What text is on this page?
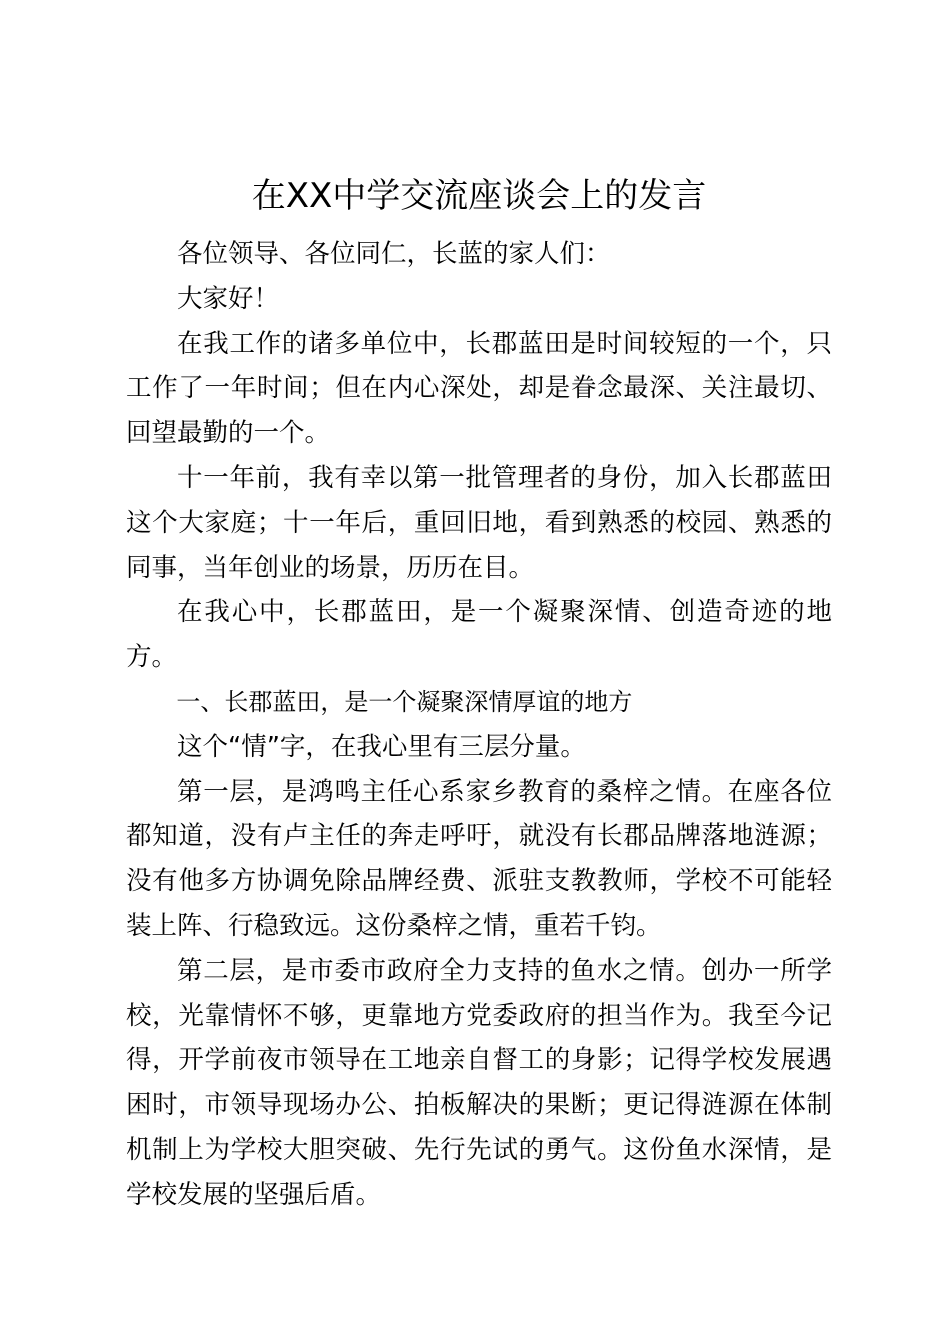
在XX中学交流座谈会上的发言

各位领导、各位同仁，长蓝的家人们：

大家好！

在我工作的诸多单位中，长郡蓝田是时间较短的一个，只工作了一年时间；但在内心深处，却是眷念最深、关注最切、回望最勤的一个。

十一年前，我有幸以第一批管理者的身份，加入长郡蓝田这个大家庭；十一年后，重回旧地，看到熟悉的校园、熟悉的同事，当年创业的场景，历历在目。

在我心中，长郡蓝田，是一个凝聚深情、创造奇迹的地方。

一、长郡蓝田，是一个凝聚深情厚谊的地方

这个“情”字，在我心里有三层分量。

第一层，是鸿鸣主任心系家乡教育的桑梓之情。在座各位都知道，没有卢主任的奔走呼吁，就没有长郡品牌落地涟源；没有他多方协调免除品牌经费、派驻支教教师，学校不可能轻装上阵、行稳致远。这份桑梓之情，重若千钧。

第二层，是市委市政府全力支持的鱼水之情。创办一所学校，光靠情怀不够，更靠地方党委政府的担当作为。我至今记得，开学前夜市领导在工地亲自督工的身影；记得学校发展遇困时，市领导现场办公、拍板解决的果断；更记得涟源在体制机制上为学校大胆突破、先行先试的勇气。这份鱼水深情，是学校发展的坚强后盾。
